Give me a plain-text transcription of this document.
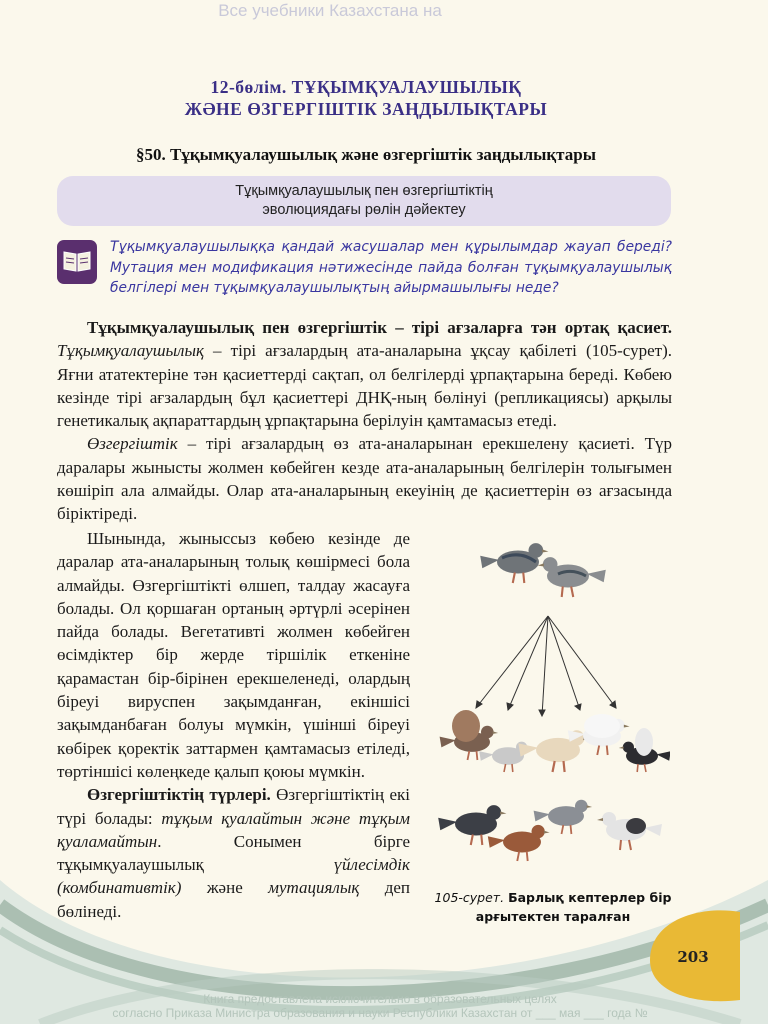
Все учебники Казахстана на
12-бөлім. ТҰҚЫМҚУАЛАУШЫЛЫҚ
ЖӘНЕ ӨЗГЕРГІШТІК ЗАҢДЫЛЫҚТАРЫ
§50. Тұқымқуалаушылық және өзгергіштік заңдылықтары
Тұқымқуалаушылық пен өзгергіштіктің
эволюциядағы рөлін дәйектеу

Тұқымқуалаушылыққа қандай жасушалар мен құрылымдар жауап береді? Мутация мен модификация нәтижесінде пайда болған тұқымқуалаушылық белгілері мен тұқымқуалаушылықтың айырмашылығы неде?

Тұқымқуалаушылық пен өзгергіштік – тірі ағзаларға тән ортақ қасиет. Тұқымқуалаушылық – тірі ағзалардың ата-аналарына ұқсау қабілеті (105-сурет). Яғни ататектеріне тән қасиеттерді сақтап, ол белгілерді ұрпақтарына береді. Көбею кезінде тірі ағзалардың бұл қасиеттері ДНҚ-ның бөлінуі (репликациясы) арқылы генетикалық ақпараттардың ұрпақтарына берілуін қамтамасыз етеді.

Өзгергіштік – тірі ағзалардың өз ата-аналарынан ерекшелену қасиеті. Түр даралары жынысты жолмен көбейген кезде ата-аналарының белгілерін толығымен көшіріп ала алмайды. Олар ата-аналарының екеуінің де қасиеттерін өз ағзасында біріктіреді.

Шынында, жыныссыз көбею кезінде де даралар ата-аналарының толық көшірмесі бола алмайды. Өзгергіштікті өлшеп, талдау жасауға болады. Ол қоршаған ортаның әртүрлі әсерінен пайда болады. Вегетативті жолмен көбейген өсімдіктер бір жерде тіршілік еткеніне қарамастан бір-бірінен ерекшеленеді, олардың біреуі вируспен зақымданған, екіншісі зақымданбаған болуы мүмкін, үшінші біреуі көбірек қоректік заттармен қамтамасыз етіледі, төртіншісі көлеңкеде қалып қоюы мүмкін.

Өзгергіштіктің түрлері. Өзгергіштіктің екі түрі болады: тұқым қуалайтын және тұқым қуаламайтын. Сонымен бірге тұқымқуалаушылық үйлесімдік (комбинативтік) және мутациялық деп бөлінеді.

105-сурет. Барлық кептерлер бір
арғытектен таралған
203
Книга предоставлена исключительно в образовательных целях
согласно Приказа Министра образования и науки Республики Казахстан от ___ мая ___ года №
